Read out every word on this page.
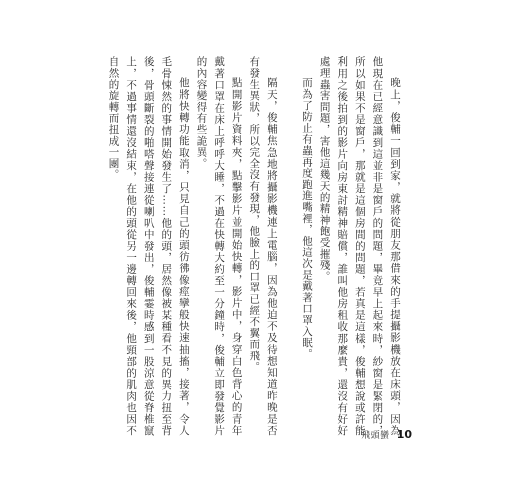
晚上，俊輔一回到家，就將從朋友那借來的手提攝影機放在床頭，因為他現在已經意識到這並非是窗戶的問題，畢竟早上起來時，紗窗是緊閉的，所以如果不是窗戶，那就是這個房間的問題，若真是這樣，俊輔想說或許能利用之後拍到的影片向房東討精神賠償，誰叫他房租收那麼貴，還沒有好好處理蟲害問題，害他這幾天的精神飽受摧殘。

而為了防止有蟲再度跑進嘴裡，他這次是戴著口罩入眠。

隔天，俊輔焦急地將攝影機連上電腦，因為他迫不及待想知道昨晚是否有發生異狀，所以完全沒有發現，他臉上的口罩已經不翼而飛。

點開影片資料夾，點擊影片並開始快轉，影片中，身穿白色背心的青年戴著口罩在床上呼呼大睡，不過在快轉大約至一分鐘時，俊輔立即發覺影片的內容變得有些詭異。

他將快轉功能取消，只見自己的頭彷彿像痙攣般快速抽搐，接著，令人毛骨悚然的事情開始發生了……他的頭，居然像被某種看不見的異力扭至背後，骨頭斷裂的啪嗒聲接連從喇叭中發出，俊輔霎時感到一股涼意從脊椎竄上，不過事情還沒結束，在他的頭從另一邊轉回來後，他頸部的肌肉也因不自然的旋轉而扭成一團。

飛頭蠻 10
